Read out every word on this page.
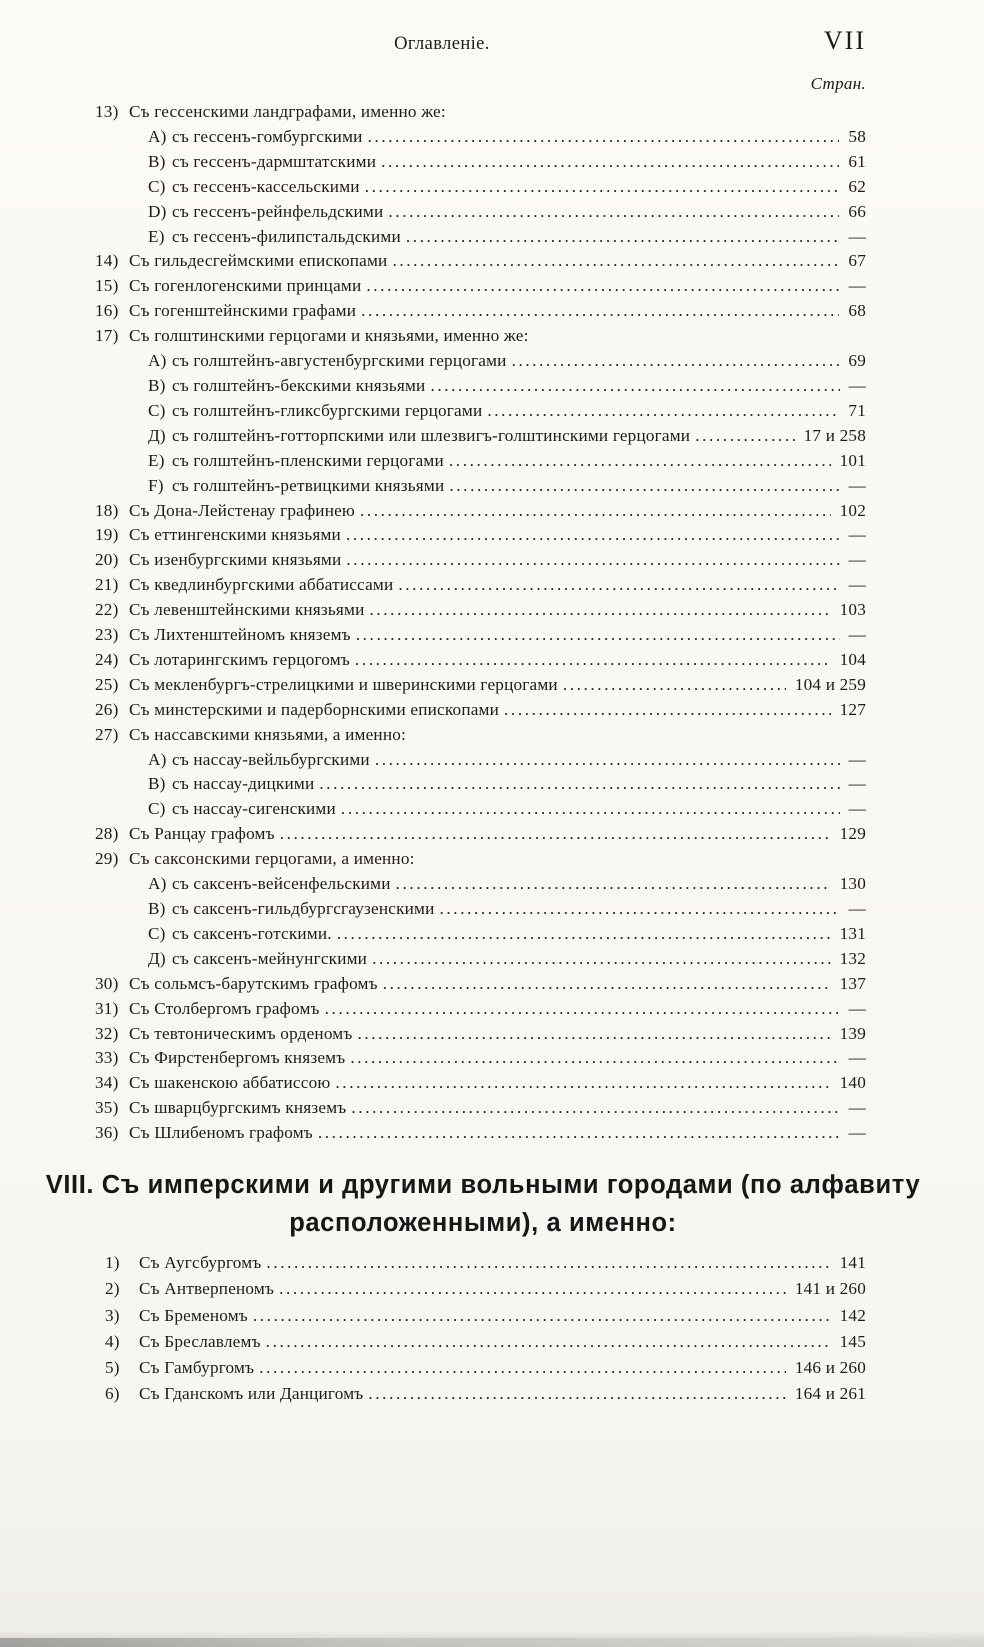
Оглавленіе.	VII
Стран.
13) Съ гессенскими ландграфами, именно же:
A) съ гессенъ-гомбургскими .....	58
B) съ гессенъ-дармштатскими .....	61
C) съ гессенъ-кассельскими .....	62
D) съ гессенъ-рейнфельдскими .....	66
E) съ гессенъ-филипстальдскими .....	—
14) Съ гильдесгеймскими епископами .....	67
15) Съ гогенлогенскими принцами .....	—
16) Съ гогенштейнскими графами .....	68
17) Съ голштинскими герцогами и князьями, именно же:
A) съ голштейнъ-августенбургскими герцогами .....	69
B) съ голштейнъ-бекскими князьями .....	—
C) съ голштейнъ-гликсбургскими герцогами .....	71
Д) съ голштейнъ-готторпскими или шлезвигъ-голштинскими герцогами .....	17 и 258
E) съ голштейнъ-пленскими герцогами .....	101
F) съ голштейнъ-ретвицкими князьями .....	—
18) Съ Дона-Лейстенау графинею .....	102
19) Съ еттингенскими князьями .....	—
20) Съ изенбургскими князьями .....	—
21) Съ кведлинбургскими аббатиссами .....	—
22) Съ левенштейнскими князьями .....	103
23) Съ Лихтенштейномъ княземъ .....	—
24) Съ лотарингскимъ герцогомъ .....	104
25) Съ мекленбургъ-стрелицкими и шверинскими герцогами .....	104 и 259
26) Съ минстерскими и падерборнскими епископами .....	127
27) Съ нассавскими князьями, а именно:
A) съ нассау-вейльбургскими .....	—
B) съ нассау-дицкими .....	—
C) съ нассау-сигенскими .....	—
28) Съ Ранцау графомъ .....	129
29) Съ саксонскими герцогами, а именно:
A) съ саксенъ-вейсенфельскими .....	130
B) съ саксенъ-гильдбургсгаузенскими .....	—
C) съ саксенъ-готскими. .....	131
Д) съ саксенъ-мейнунгскими .....	132
30) Съ сольмсъ-барутскимъ графомъ .....	137
31) Съ Столбергомъ графомъ .....	—
32) Съ тевтоническимъ орденомъ .....	139
33) Съ Фирстенбергомъ княземъ .....	—
34) Съ шакенскою аббатиссою .....	140
35) Съ шварцбургскимъ княземъ .....	—
36) Съ Шлибеномъ графомъ .....	—
VIII. Съ имперскими и другими вольными городами (по алфавиту
расположенными), а именно:
1)	Съ Аугсбургомъ .....	141
2)	Съ Антверпеномъ .....	141 и 260
3)	Съ Бременомъ .....	142
4)	Съ Бреславлемъ .....	145
5)	Съ Гамбургомъ .....	146 и 260
6)	Съ Гданскомъ или Данцигомъ .....	164 и 261
